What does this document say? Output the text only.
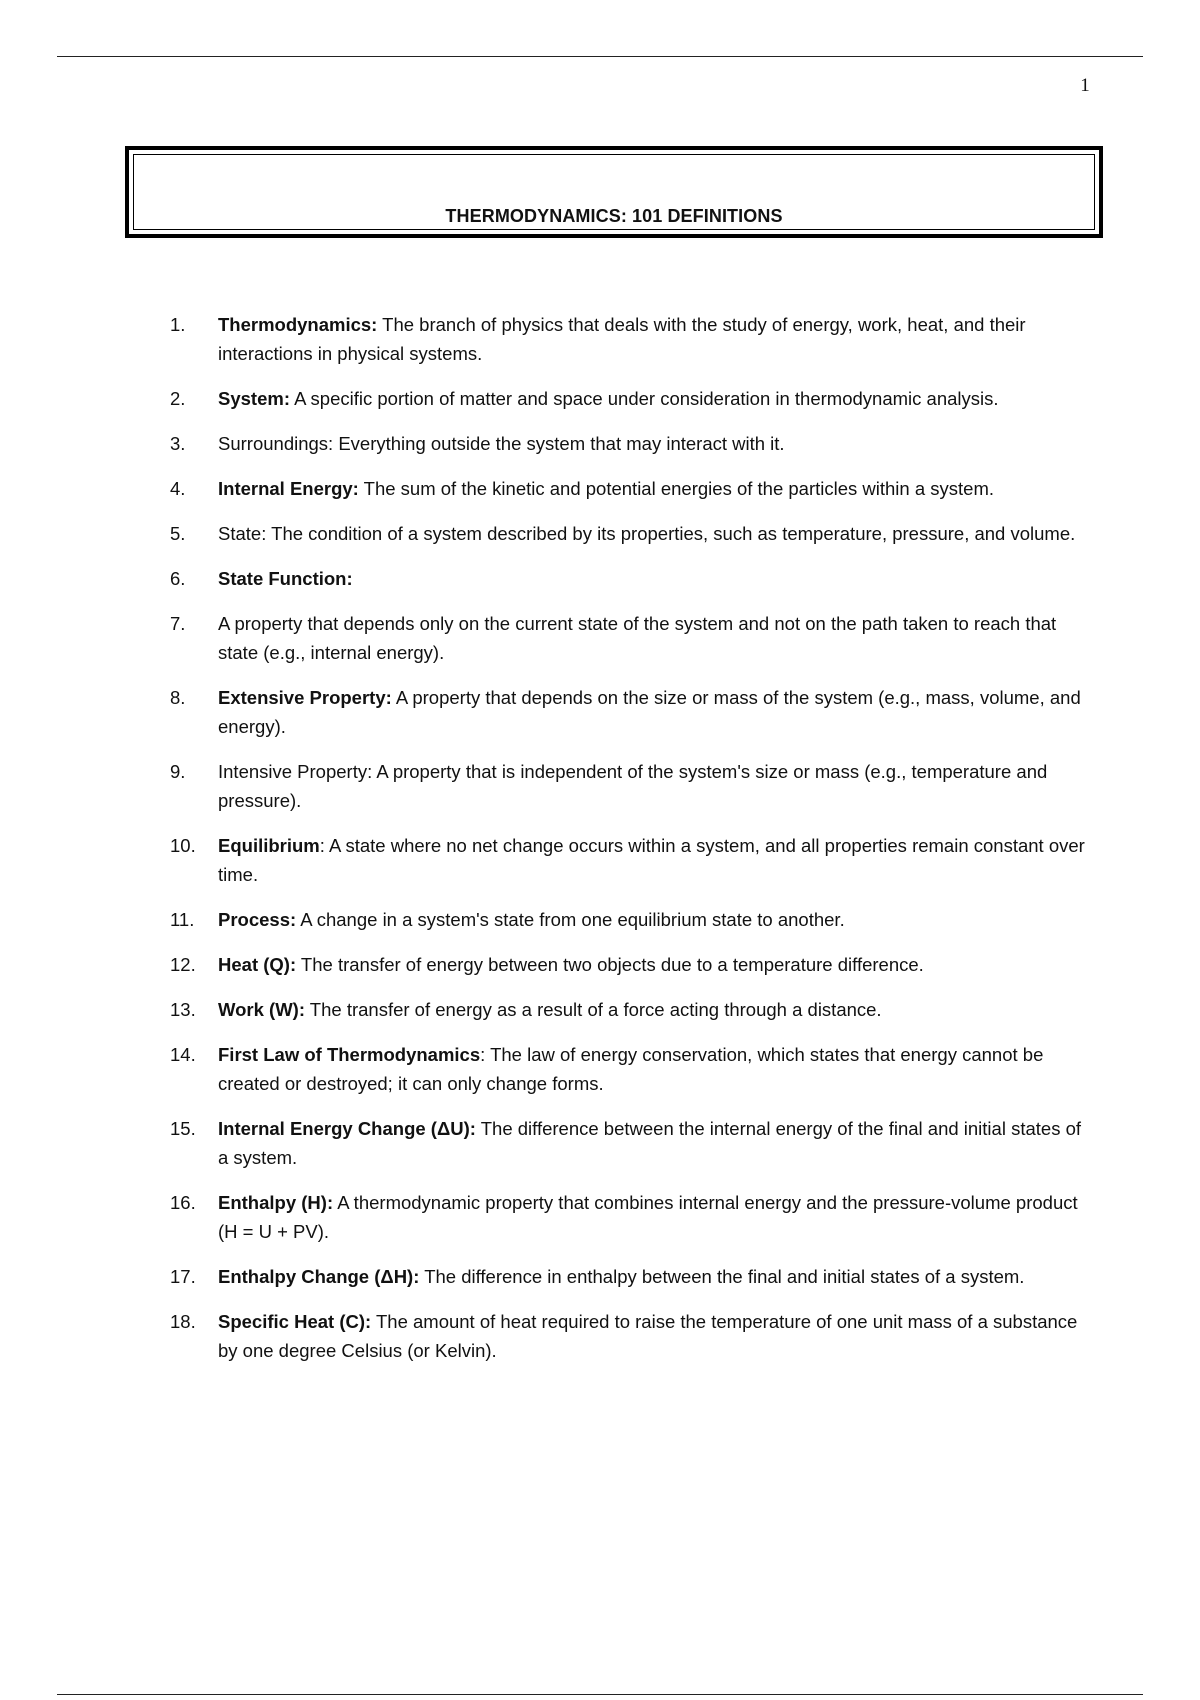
1
THERMODYNAMICS: 101 DEFINITIONS
1.	Thermodynamics: The branch of physics that deals with the study of energy, work, heat, and their interactions in physical systems.
2.	System: A specific portion of matter and space under consideration in thermodynamic analysis.
3.	Surroundings: Everything outside the system that may interact with it.
4.	Internal Energy: The sum of the kinetic and potential energies of the particles within a system.
5.	State: The condition of a system described by its properties, such as temperature, pressure, and volume.
6.	State Function:
7.	A property that depends only on the current state of the system and not on the path taken to reach that state (e.g., internal energy).
8.	Extensive Property: A property that depends on the size or mass of the system (e.g., mass, volume, and energy).
9.	Intensive Property: A property that is independent of the system's size or mass (e.g., temperature and pressure).
10.	Equilibrium: A state where no net change occurs within a system, and all properties remain constant over time.
11.	Process: A change in a system's state from one equilibrium state to another.
12.	Heat (Q): The transfer of energy between two objects due to a temperature difference.
13.	Work (W): The transfer of energy as a result of a force acting through a distance.
14.	First Law of Thermodynamics: The law of energy conservation, which states that energy cannot be created or destroyed; it can only change forms.
15.	Internal Energy Change (ΔU): The difference between the internal energy of the final and initial states of a system.
16.	Enthalpy (H): A thermodynamic property that combines internal energy and the pressure-volume product (H = U + PV).
17.	Enthalpy Change (ΔH): The difference in enthalpy between the final and initial states of a system.
18.	Specific Heat (C): The amount of heat required to raise the temperature of one unit mass of a substance by one degree Celsius (or Kelvin).
